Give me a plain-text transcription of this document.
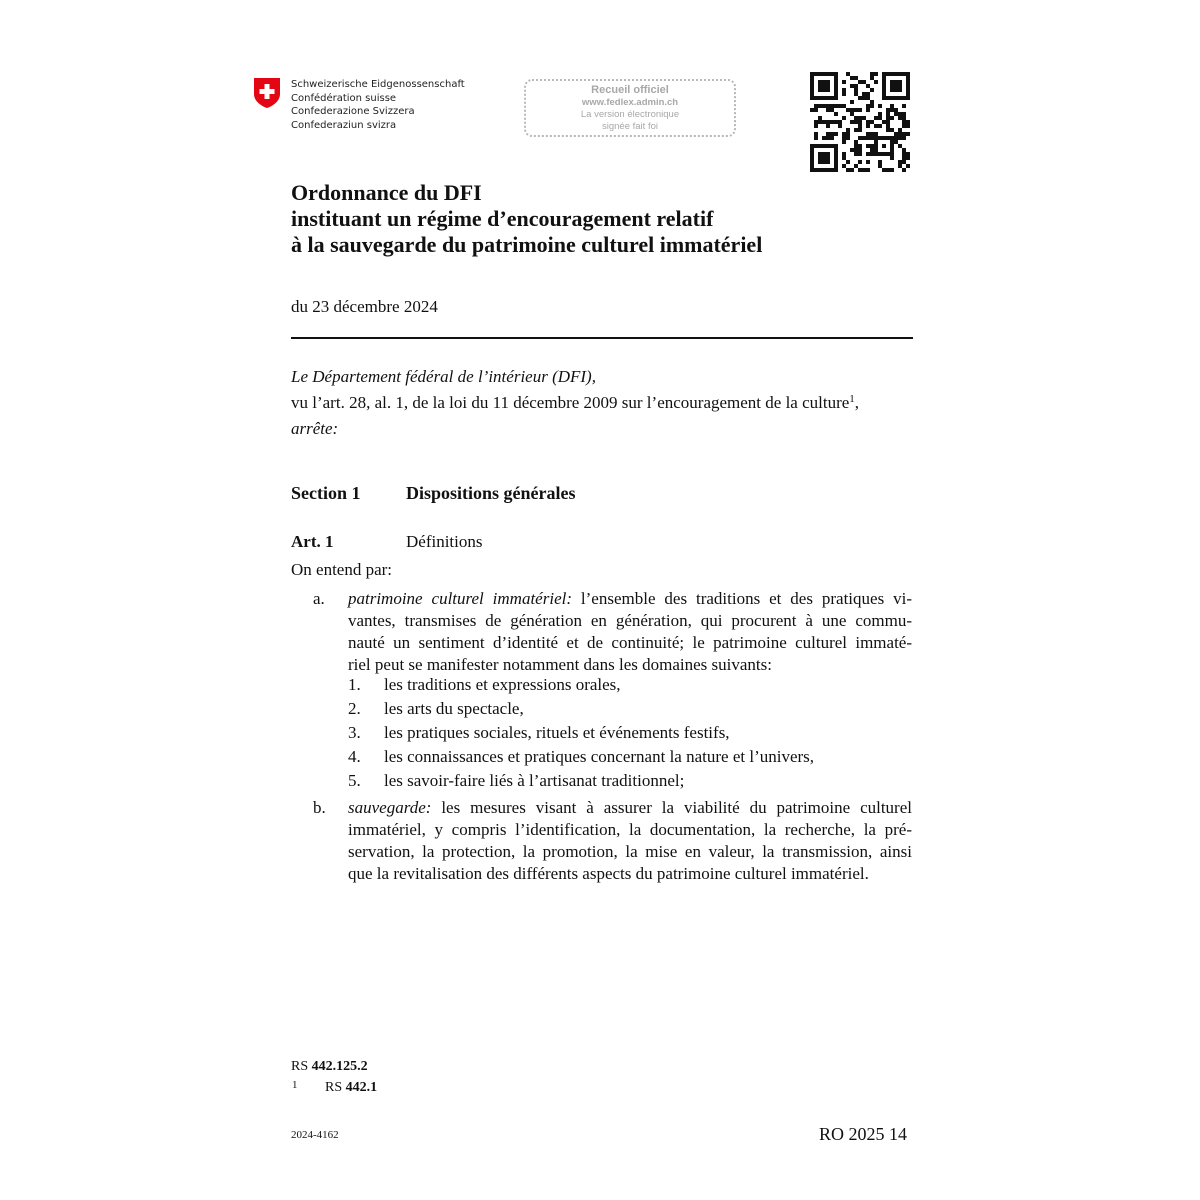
Schweizerische Eidgenossenschaft
Confédération suisse
Confederazione Svizzera
Confederaziun svizra
Recueil officiel
www.fedlex.admin.ch
La version électronique
signée fait foi
Ordonnance du DFI
instituant un régime d’encouragement relatif
à la sauvegarde du patrimoine culturel immatériel
du 23 décembre 2024
Le Département fédéral de l’intérieur (DFI),
vu l’art. 28, al. 1, de la loi du 11 décembre 2009 sur l’encouragement de la culture$^1$,
arrête:
Section 1	Dispositions générales
Art. 1	Définitions
On entend par:
a. patrimoine culturel immatériel: l’ensemble des traditions et des pratiques vi-
vantes, transmises de génération en génération, qui procurent à une commu-
nauté un sentiment d’identité et de continuité; le patrimoine culturel immaté-
riel peut se manifester notamment dans les domaines suivants:
1. les traditions et expressions orales,
2. les arts du spectacle,
3. les pratiques sociales, rituels et événements festifs,
4. les connaissances et pratiques concernant la nature et l’univers,
5. les savoir-faire liés à l’artisanat traditionnel;
b. sauvegarde: les mesures visant à assurer la viabilité du patrimoine culturel
immatériel, y compris l’identification, la documentation, la recherche, la pré-
servation, la protection, la promotion, la mise en valeur, la transmission, ainsi
que la revitalisation des différents aspects du patrimoine culturel immatériel.
RS 442.125.2
1 RS 442.1
2024-4162	RO 2025 14
